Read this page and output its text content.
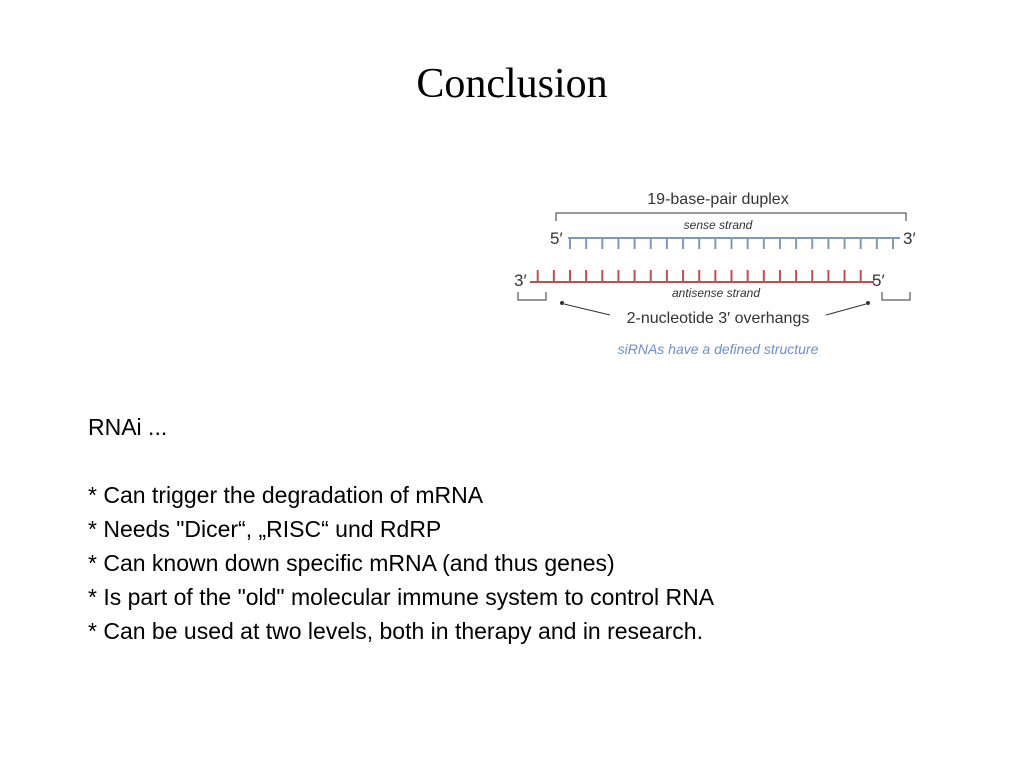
Conclusion
19-base-pair duplex
sense strand
5′	3′
3′	5′
antisense strand
2-nucleotide 3′ overhangs
siRNAs have a defined structure

RNAi ...

* Can trigger the degradation of mRNA
* Needs "Dicer“, „RISC“ und RdRP
* Can known down specific mRNA (and thus genes)
* Is part of the "old" molecular immune system to control RNA
* Can be used at two levels, both in therapy and in research.
